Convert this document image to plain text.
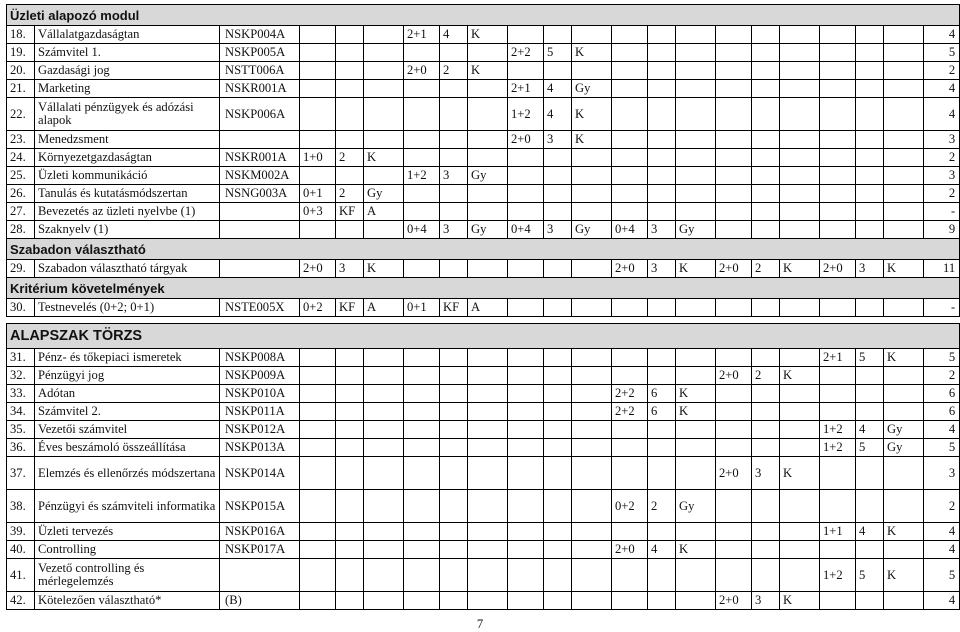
Üzleti alapozó modul																					
18.	Vállalatgazdaságtan	NSKP004A				2+1	4	K													4
19.	Számvitel 1.	NSKP005A							2+2	5	K										5
20.	Gazdasági jog	NSTT006A				2+0	2	K													2
21.	Marketing	NSKR001A							2+1	4	Gy										4
22.	Vállalati pénzügyek és adózási alapok	NSKP006A							1+2	4	K										4
23.	Menedzsment								2+0	3	K										3
24.	Környezetgazdaságtan	NSKR001A	1+0	2	K																2
25.	Üzleti kommunikáció	NSKM002A				1+2	3	Gy													3
26.	Tanulás és kutatásmódszertan	NSNG003A	0+1	2	Gy																2
27.	Bevezetés az üzleti nyelvbe (1)		0+3	KF	A																-
28.	Szaknyelv (1)					0+4	3	Gy	0+4	3	Gy	0+4	3	Gy							9
Szabadon választható																					
29.	Szabadon választható tárgyak		2+0	3	K							2+0	3	K	2+0	2	K	2+0	3	K	11
Kritérium követelmények																					
30.	Testnevelés (0+2; 0+1)	NSTE005X	0+2	KF	A	0+1	KF	A													-

ALAPSZAK TÖRZS																					
31.	Pénz- és tőkepiaci ismeretek	NSKP008A																2+1	5	K	5
32.	Pénzügyi jog	NSKP009A													2+0	2	K				2
33.	Adótan	NSKP010A										2+2	6	K							6
34.	Számvitel 2.	NSKP011A										2+2	6	K							6
35.	Vezetői számvitel	NSKP012A																1+2	4	Gy	4
36.	Éves beszámoló összeállítása	NSKP013A																1+2	5	Gy	5
37.	Elemzés és ellenőrzés módszertana	NSKP014A													2+0	3	K				3
38.	Pénzügyi és számviteli informatika	NSKP015A										0+2	2	Gy							2
39.	Üzleti tervezés	NSKP016A																1+1	4	K	4
40.	Controlling	NSKP017A										2+0	4	K							4
41.	Vezető controlling és mérlegelemzés																	1+2	5	K	5
42.	Kötelezően választható*	(B)													2+0	3	K				4
7
